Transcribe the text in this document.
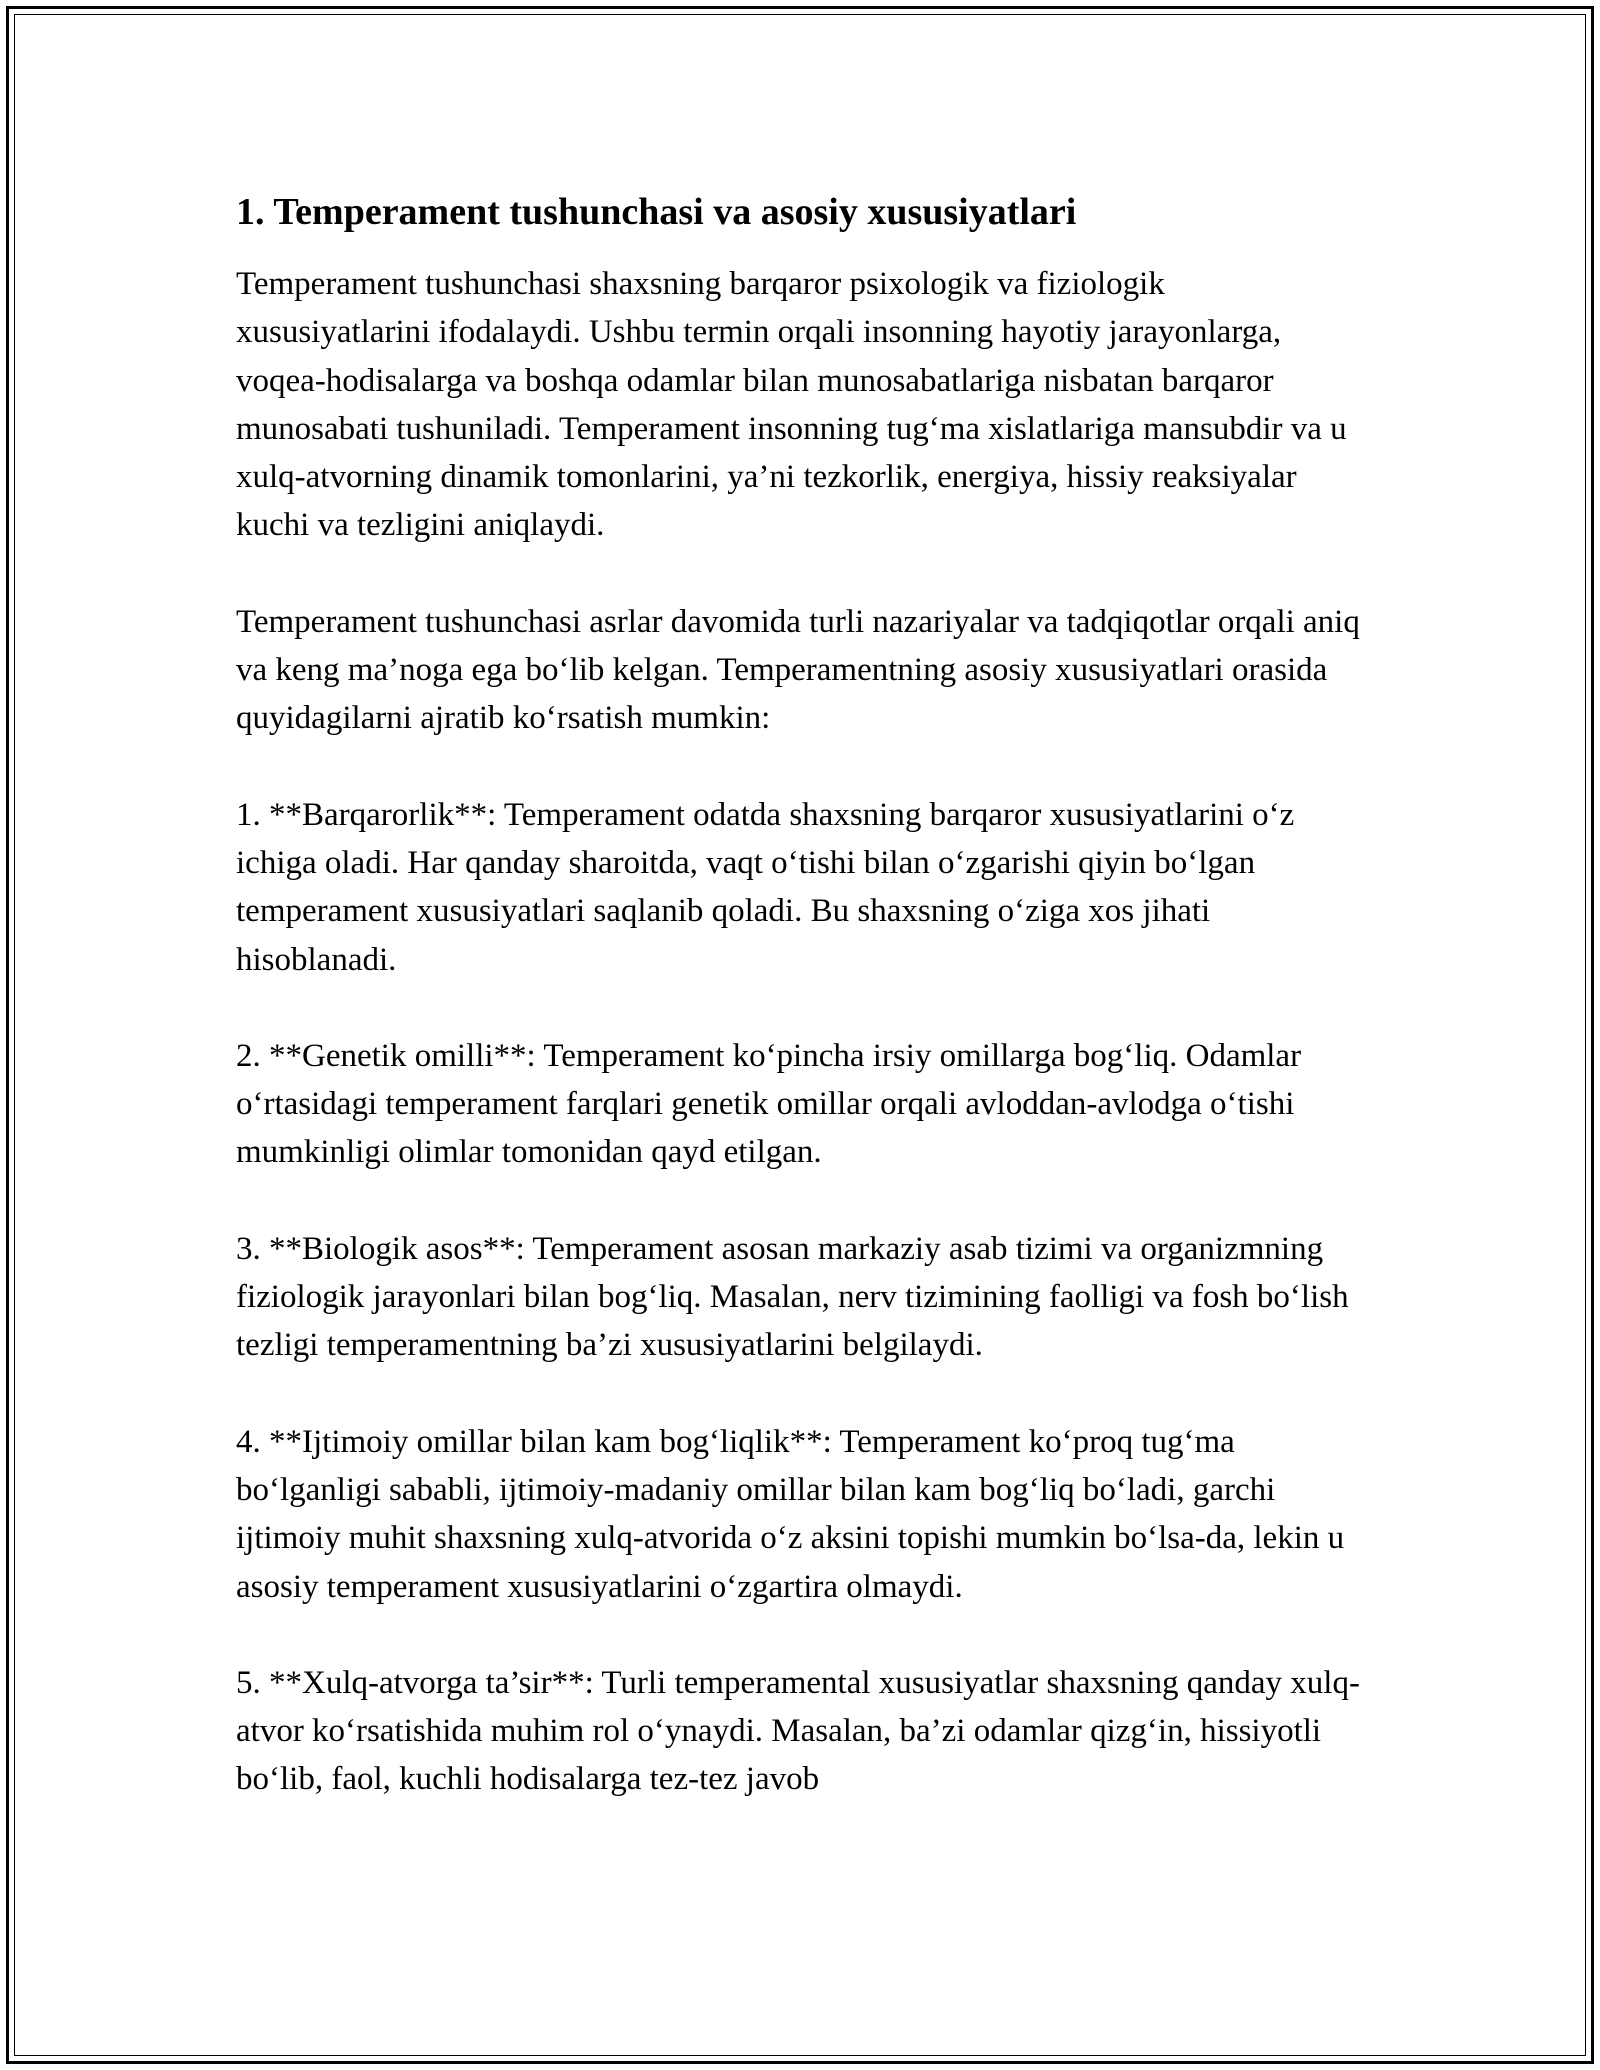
1. Temperament tushunchasi va asosiy xususiyatlari

Temperament tushunchasi shaxsning barqaror psixologik va fiziologik xususiyatlarini ifodalaydi. Ushbu termin orqali insonning hayotiy jarayonlarga, voqea-hodisalarga va boshqa odamlar bilan munosabatlariga nisbatan barqaror munosabati tushuniladi. Temperament insonning tug‘ma xislatlariga mansubdir va u xulq-atvorning dinamik tomonlarini, ya’ni tezkorlik, energiya, hissiy reaksiyalar kuchi va tezligini aniqlaydi.

Temperament tushunchasi asrlar davomida turli nazariyalar va tadqiqotlar orqali aniq va keng ma’noga ega bo‘lib kelgan. Temperamentning asosiy xususiyatlari orasida quyidagilarni ajratib ko‘rsatish mumkin:

1. **Barqarorlik**: Temperament odatda shaxsning barqaror xususiyatlarini o‘z ichiga oladi. Har qanday sharoitda, vaqt o‘tishi bilan o‘zgarishi qiyin bo‘lgan temperament xususiyatlari saqlanib qoladi. Bu shaxsning o‘ziga xos jihati hisoblanadi.

2. **Genetik omilli**: Temperament ko‘pincha irsiy omillarga bog‘liq. Odamlar o‘rtasidagi temperament farqlari genetik omillar orqali avloddan-avlodga o‘tishi mumkinligi olimlar tomonidan qayd etilgan.

3. **Biologik asos**: Temperament asosan markaziy asab tizimi va organizmning fiziologik jarayonlari bilan bog‘liq. Masalan, nerv tizimining faolligi va fosh bo‘lish tezligi temperamentning ba’zi xususiyatlarini belgilaydi.

4. **Ijtimoiy omillar bilan kam bog‘liqlik**: Temperament ko‘proq tug‘ma bo‘lganligi sababli, ijtimoiy-madaniy omillar bilan kam bog‘liq bo‘ladi, garchi ijtimoiy muhit shaxsning xulq-atvorida o‘z aksini topishi mumkin bo‘lsa-da, lekin u asosiy temperament xususiyatlarini o‘zgartira olmaydi.

5. **Xulq-atvorga ta’sir**: Turli temperamental xususiyatlar shaxsning qanday xulq-atvor ko‘rsatishida muhim rol o‘ynaydi. Masalan, ba’zi odamlar qizg‘in, hissiyotli bo‘lib, faol, kuchli hodisalarga tez-tez javob
